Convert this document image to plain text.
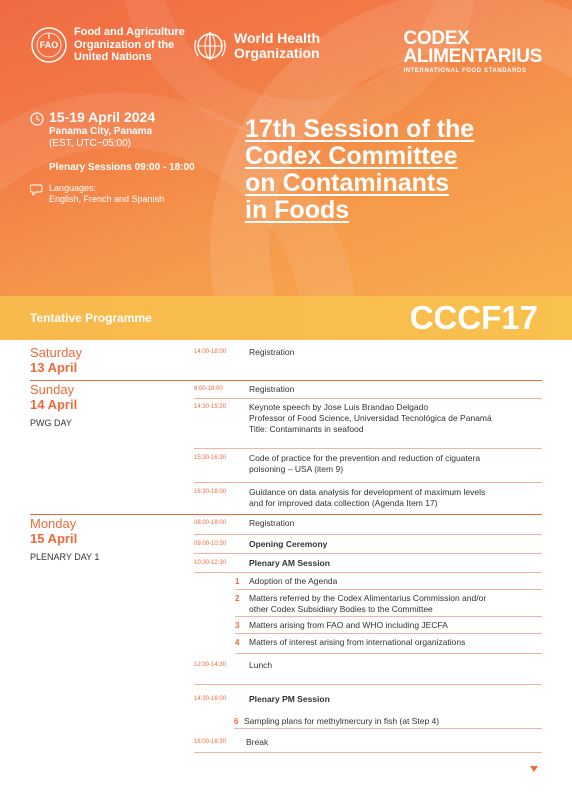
FAO
Food and Agriculture Organization of the United Nations
World Health Organization
CODEX
ALIMENTARIUS
INTERNATIONAL FOOD STANDARDS
15-19 April 2024
Panama City, Panama
(EST, UTC−05:00)
Plenary Sessions 09:00 - 18:00
Languages:
English, French and Spanish
17th Session of the
Codex Committee
on Contaminants
in Foods
Tentative Programme	CCCF17
Saturday
13 April
14:00-18:00	Registration
Sunday
14 April
PWG DAY
8:00-18:00	Registration
14:30-15:30	Keynote speech by Jose Luis Brandao Delgado
Professor of Food Science, Universidad Tecnológica de Panamá
Title: Contaminants in seafood
15:30-16:30	Code of practice for the prevention and reduction of ciguatera
poisoning – USA (item 9)
16:30-18:00	Guidance on data analysis for development of maximum levels
and for improved data collection (Agenda Item 17)
Monday
15 April
PLENARY DAY 1
08:00-18:00	Registration
09:00-10:30	Opening Ceremony
10:30-12:30	Plenary AM Session
1	Adoption of the Agenda
2	Matters referred by the Codex Alimentarius Commission and/or
other Codex Subsidiary Bodies to the Committee
3	Matters arising from FAO and WHO including JECFA
4	Matters of interest arising from international organizations
12:30-14:30	Lunch
14:30-16:00	Plenary PM Session
6 Sampling plans for methylmercury in fish (at Step 4)
16:00-16:30	Break
